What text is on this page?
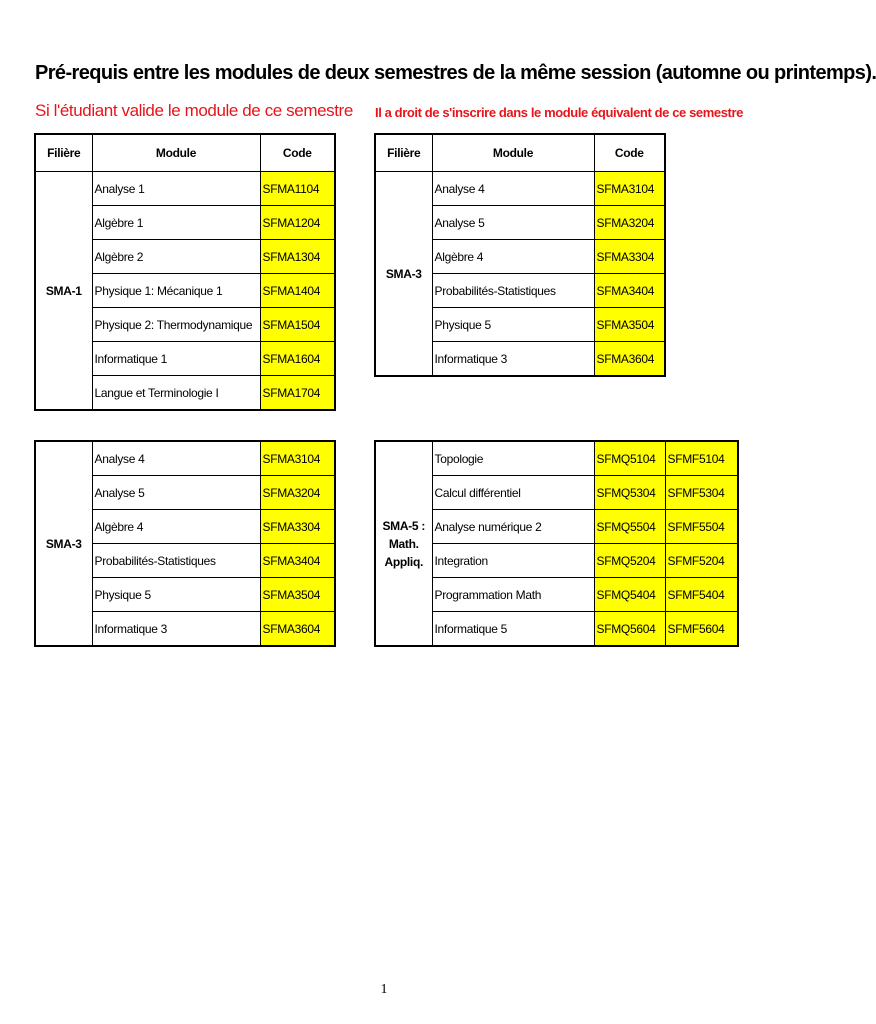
Pré-requis entre les modules de deux semestres de la même session (automne ou printemps).
Si l'étudiant valide le module de ce semestre Il a droit de s'inscrire dans le module équivalent de ce semestre
Filière	Module	Code
SMA-1	Analyse 1	SFMA1104
	Algèbre 1	SFMA1204
	Algèbre 2	SFMA1304
	Physique 1: Mécanique 1	SFMA1404
	Physique 2: Thermodynamique	SFMA1504
	Informatique 1	SFMA1604
	Langue et Terminologie I	SFMA1704
Filière	Module	Code
SMA-3	Analyse 4	SFMA3104
	Analyse 5	SFMA3204
	Algèbre 4	SFMA3304
	Probabilités-Statistiques	SFMA3404
	Physique 5	SFMA3504
	Informatique 3	SFMA3604
SMA-3	Analyse 4	SFMA3104
	Analyse 5	SFMA3204
	Algèbre 4	SFMA3304
	Probabilités-Statistiques	SFMA3404
	Physique 5	SFMA3504
	Informatique 3	SFMA3604
SMA-5 :
Math.
Appliq.	Topologie	SFMQ5104	SFMF5104
	Calcul différentiel	SFMQ5304	SFMF5304
	Analyse numérique 2	SFMQ5504	SFMF5504
	Integration	SFMQ5204	SFMF5204
	Programmation Math	SFMQ5404	SFMF5404
	Informatique 5	SFMQ5604	SFMF5604
1
